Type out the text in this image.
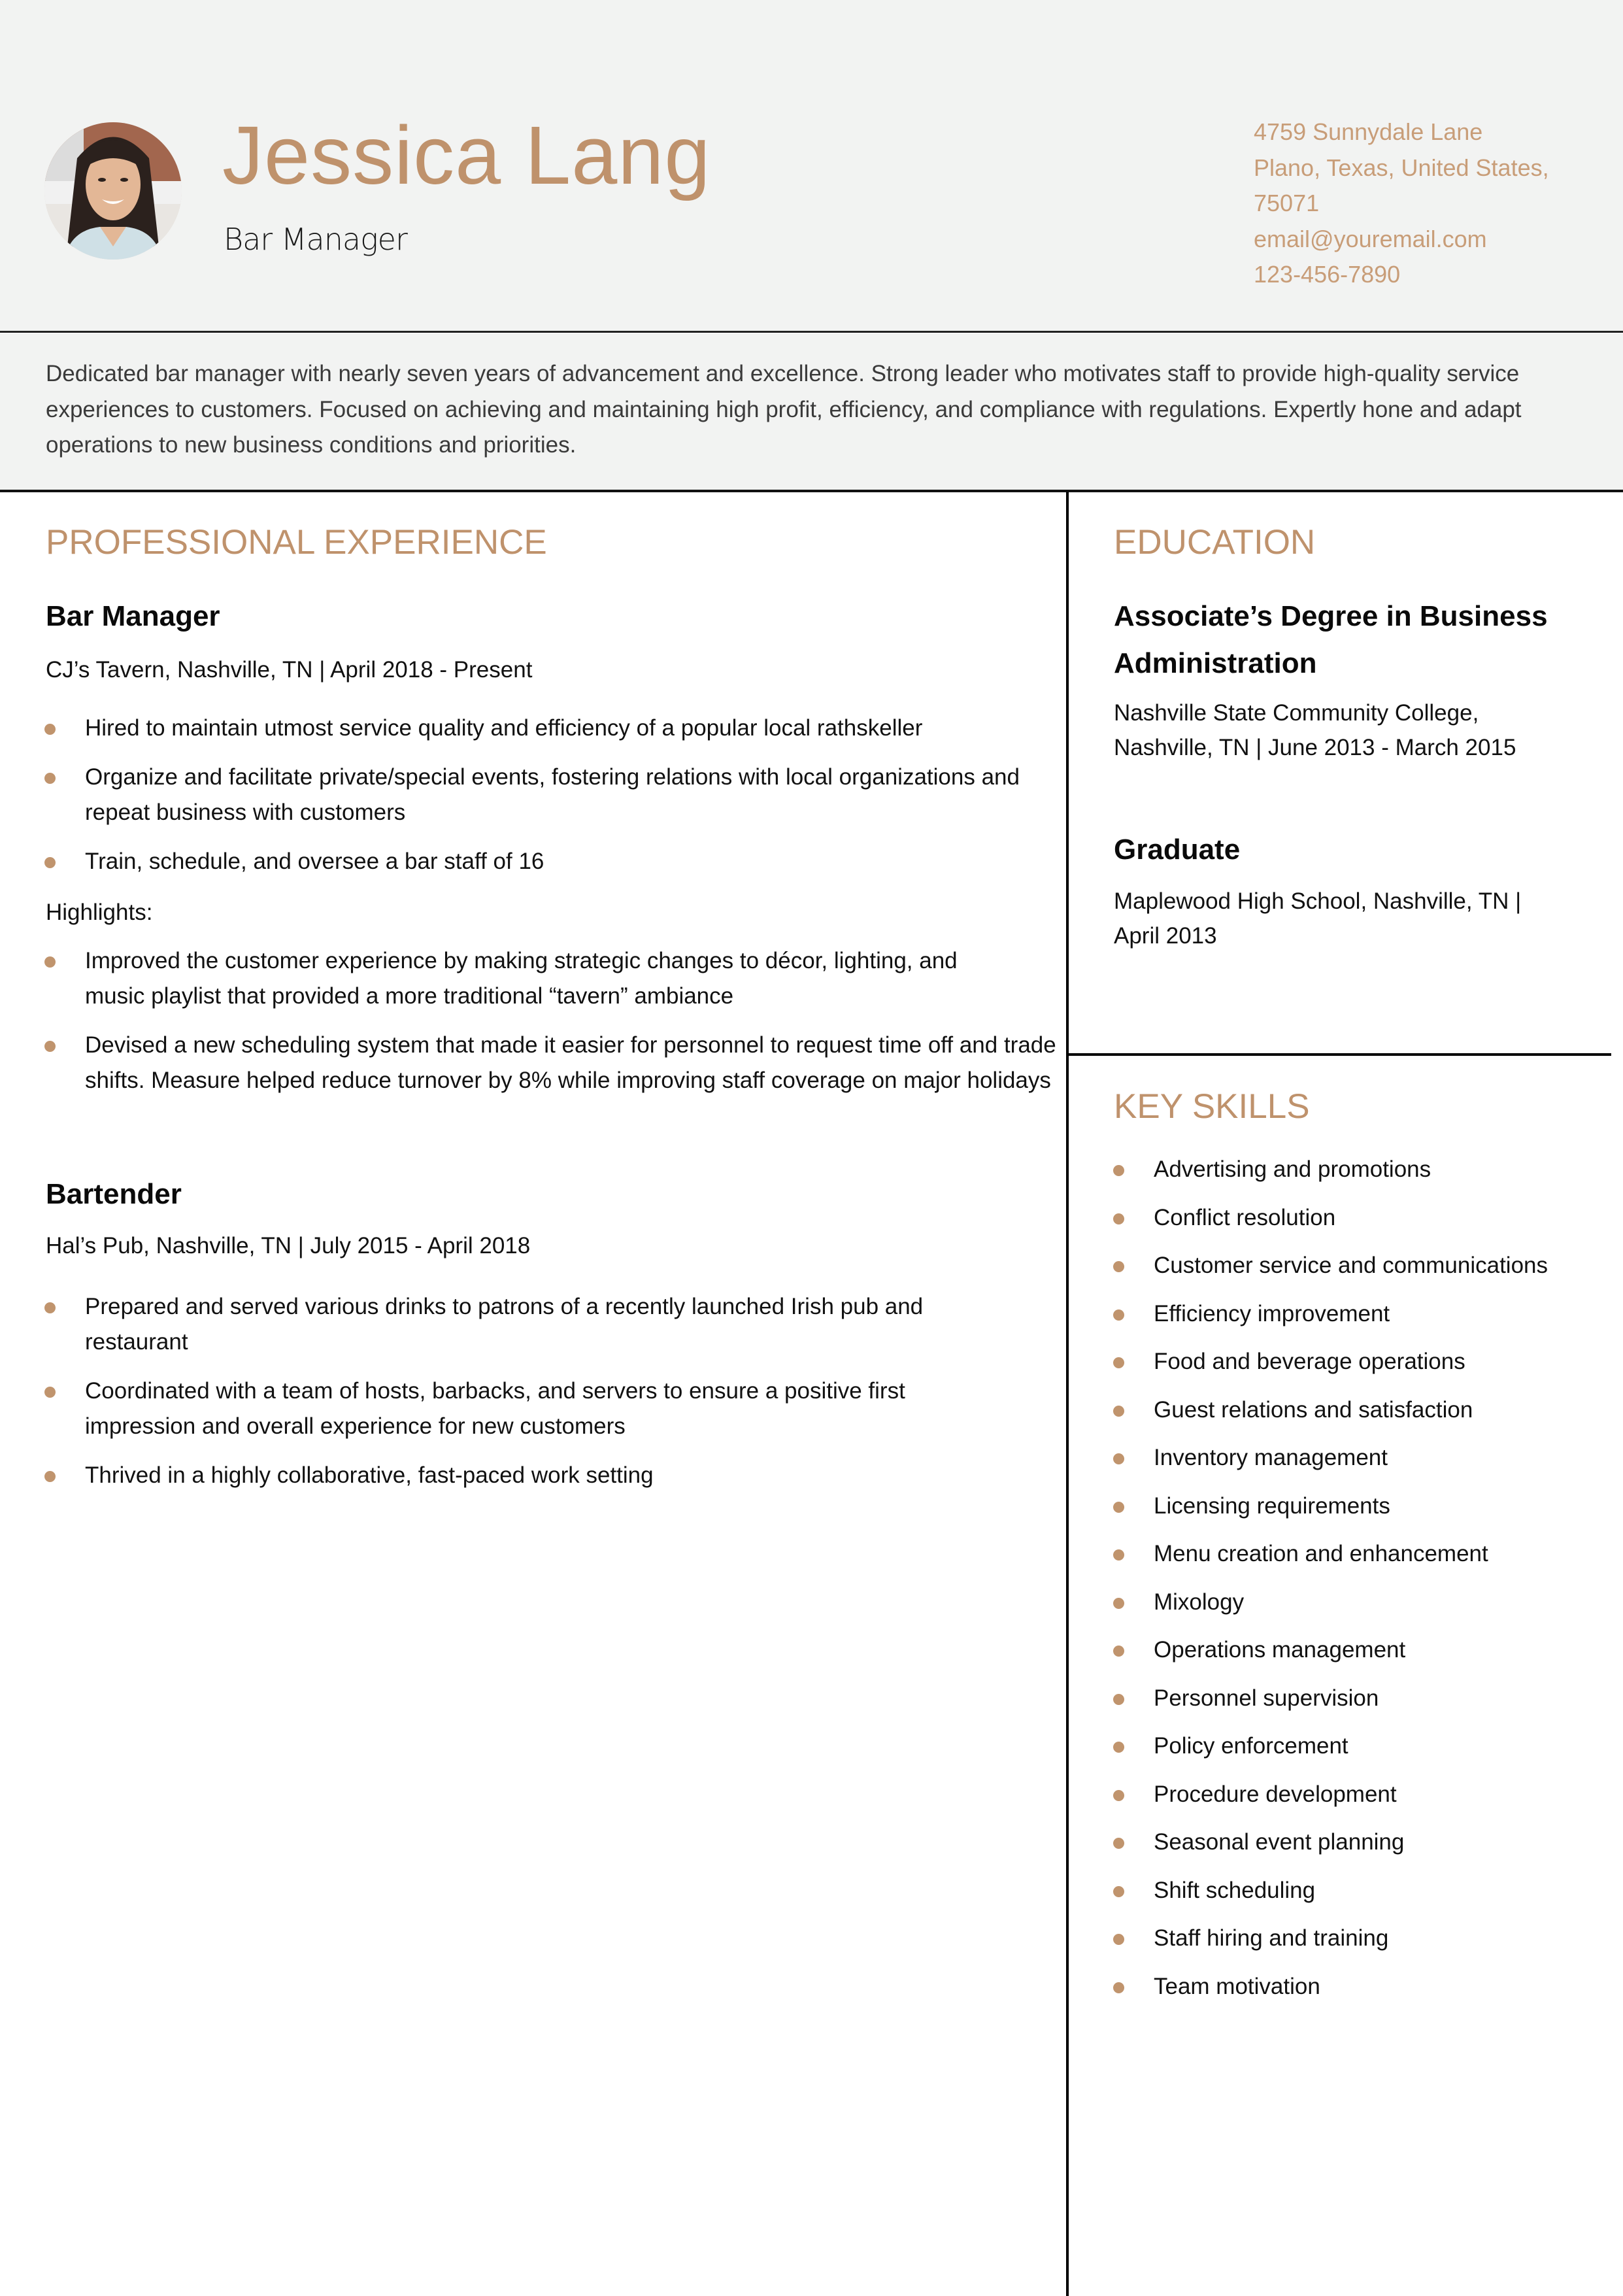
Jessica Lang
Bar Manager
4759 Sunnydale Lane
Plano, Texas, United States,
75071
email@youremail.com
123-456-7890

Dedicated bar manager with nearly seven years of advancement and excellence. Strong leader who motivates staff to provide high-quality service experiences to customers. Focused on achieving and maintaining high profit, efficiency, and compliance with regulations. Expertly hone and adapt operations to new business conditions and priorities.

PROFESSIONAL EXPERIENCE
Bar Manager
CJ’s Tavern, Nashville, TN | April 2018 - Present
Hired to maintain utmost service quality and efficiency of a popular local rathskeller
Organize and facilitate private/special events, fostering relations with local organizations and repeat business with customers
Train, schedule, and oversee a bar staff of 16
Highlights:
Improved the customer experience by making strategic changes to décor, lighting, and music playlist that provided a more traditional “tavern” ambiance
Devised a new scheduling system that made it easier for personnel to request time off and trade shifts. Measure helped reduce turnover by 8% while improving staff coverage on major holidays
Bartender
Hal’s Pub, Nashville, TN | July 2015 - April 2018
Prepared and served various drinks to patrons of a recently launched Irish pub and restaurant
Coordinated with a team of hosts, barbacks, and servers to ensure a positive first impression and overall experience for new customers
Thrived in a highly collaborative, fast-paced work setting
EDUCATION
Associate’s Degree in Business Administration
Nashville State Community College, Nashville, TN | June 2013 - March 2015
Graduate
Maplewood High School, Nashville, TN | April 2013
KEY SKILLS
Advertising and promotions
Conflict resolution
Customer service and communications
Efficiency improvement
Food and beverage operations
Guest relations and satisfaction
Inventory management
Licensing requirements
Menu creation and enhancement
Mixology
Operations management
Personnel supervision
Policy enforcement
Procedure development
Seasonal event planning
Shift scheduling
Staff hiring and training
Team motivation
